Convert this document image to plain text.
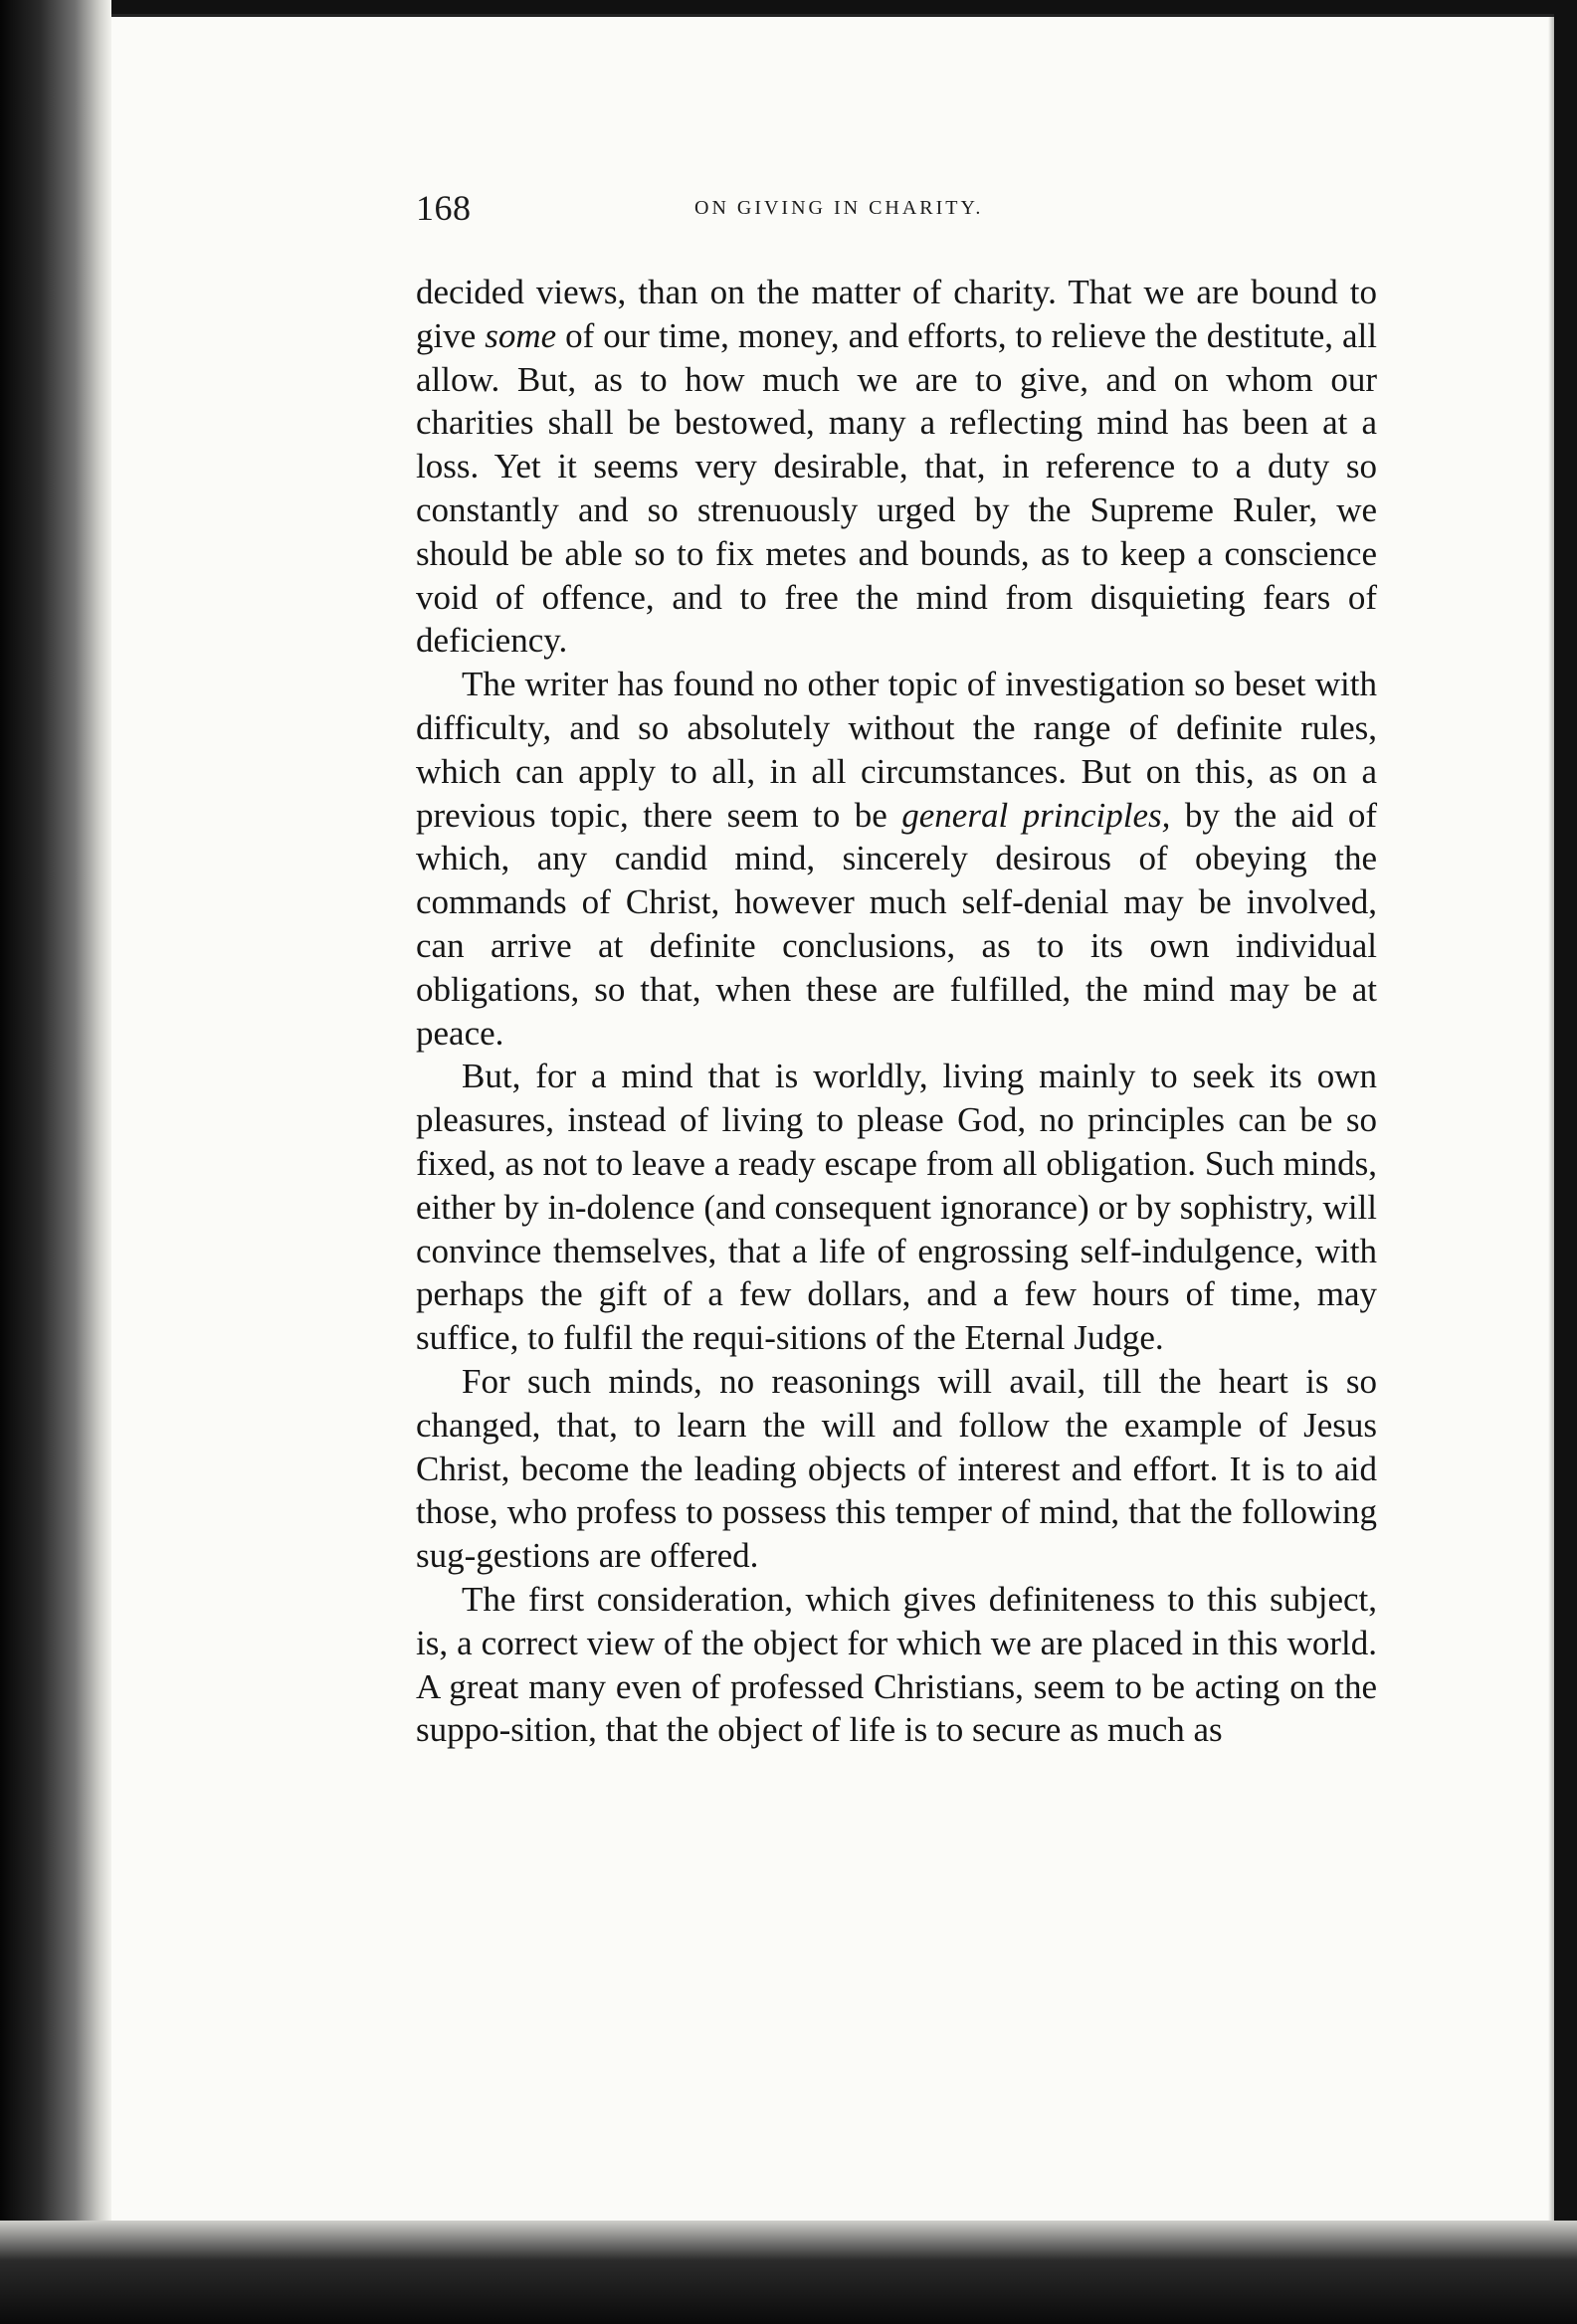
168	ON GIVING IN CHARITY.

decided views, than on the matter of charity. That we are bound to give some of our time, money, and efforts, to relieve the destitute, all allow. But, as to how much we are to give, and on whom our charities shall be bestowed, many a reflecting mind has been at a loss. Yet it seems very desirable, that, in reference to a duty so constantly and so strenuously urged by the Supreme Ruler, we should be able so to fix metes and bounds, as to keep a conscience void of offence, and to free the mind from disquieting fears of deficiency.

The writer has found no other topic of investigation so beset with difficulty, and so absolutely without the range of definite rules, which can apply to all, in all circumstances. But on this, as on a previous topic, there seem to be general principles, by the aid of which, any candid mind, sincerely desirous of obeying the commands of Christ, however much self-denial may be involved, can arrive at definite conclusions, as to its own individual obligations, so that, when these are fulfilled, the mind may be at peace.

But, for a mind that is worldly, living mainly to seek its own pleasures, instead of living to please God, no principles can be so fixed, as not to leave a ready escape from all obligation. Such minds, either by in-dolence (and consequent ignorance) or by sophistry, will convince themselves, that a life of engrossing self-indulgence, with perhaps the gift of a few dollars, and a few hours of time, may suffice, to fulfil the requi-sitions of the Eternal Judge.

For such minds, no reasonings will avail, till the heart is so changed, that, to learn the will and follow the example of Jesus Christ, become the leading objects of interest and effort. It is to aid those, who profess to possess this temper of mind, that the following sug-gestions are offered.

The first consideration, which gives definiteness to this subject, is, a correct view of the object for which we are placed in this world. A great many even of professed Christians, seem to be acting on the suppo-sition, that the object of life is to secure as much as
